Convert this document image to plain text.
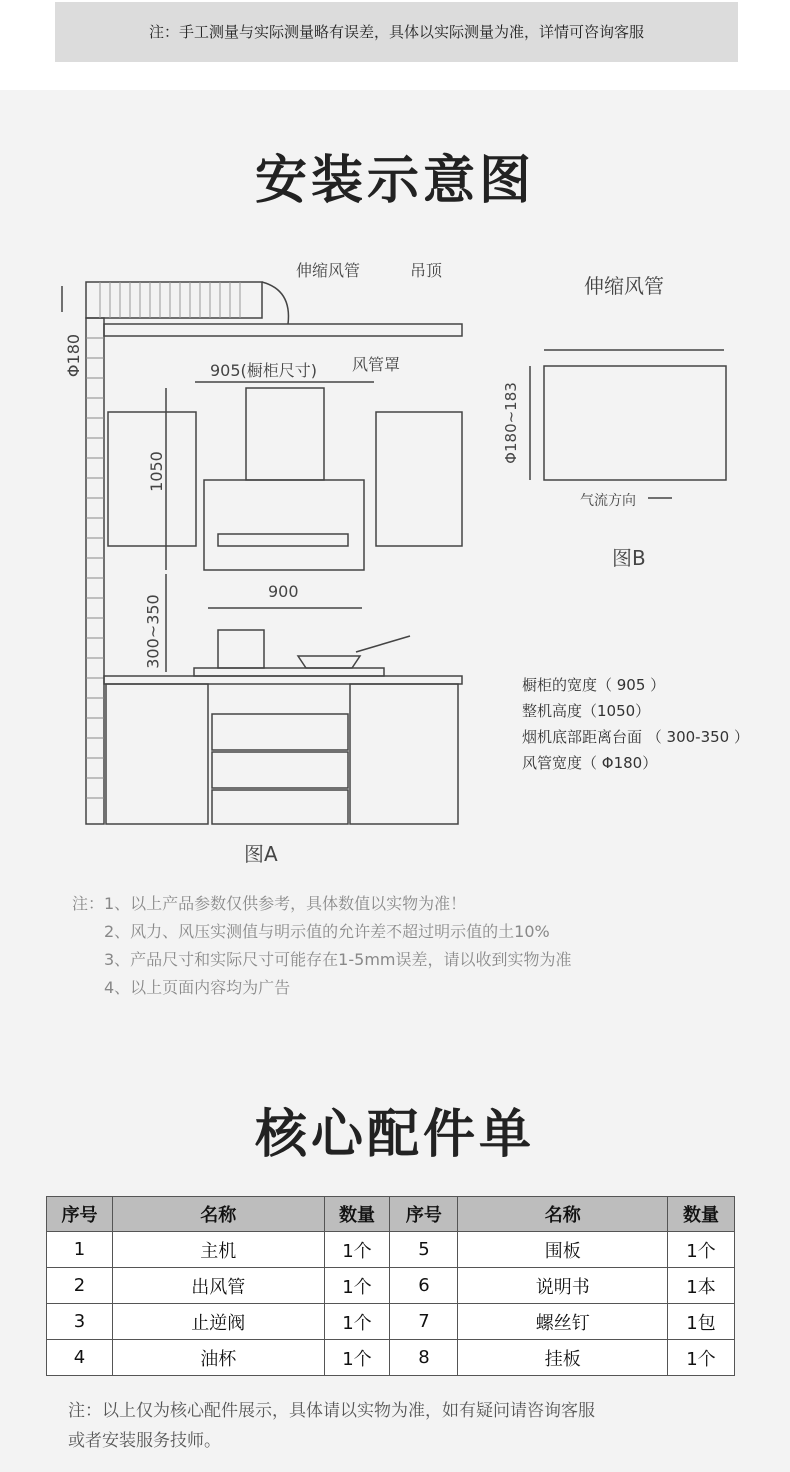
注：手工测量与实际测量略有误差，具体以实际测量为准，详情可咨询客服
安装示意图
伸缩风管	吊顶
905(橱柜尺寸) 风管罩
1050
900
300~350
Φ180
图A
伸缩风管
Φ180~183
气流方向
图B
橱柜的宽度（ 905 ）
整机高度（1050）
烟机底部距离台面 （ 300-350 ）
风管宽度（ Φ180）
注：1、以上产品参数仅供参考，具体数值以实物为准！
2、风力、风压实测值与明示值的允许差不超过明示值的土10%
3、产品尺寸和实际尺寸可能存在1-5mm误差，请以收到实物为准
4、以上页面内容均为广告
核心配件单
序号	名称	数量	序号	名称	数量
1	主机	1个	5	围板	1个
2	出风管	1个	6	说明书	1本
3	止逆阀	1个	7	螺丝钉	1包
4	油杯	1个	8	挂板	1个
注：以上仅为核心配件展示，具体请以实物为准，如有疑问请咨询客服
或者安装服务技师。
